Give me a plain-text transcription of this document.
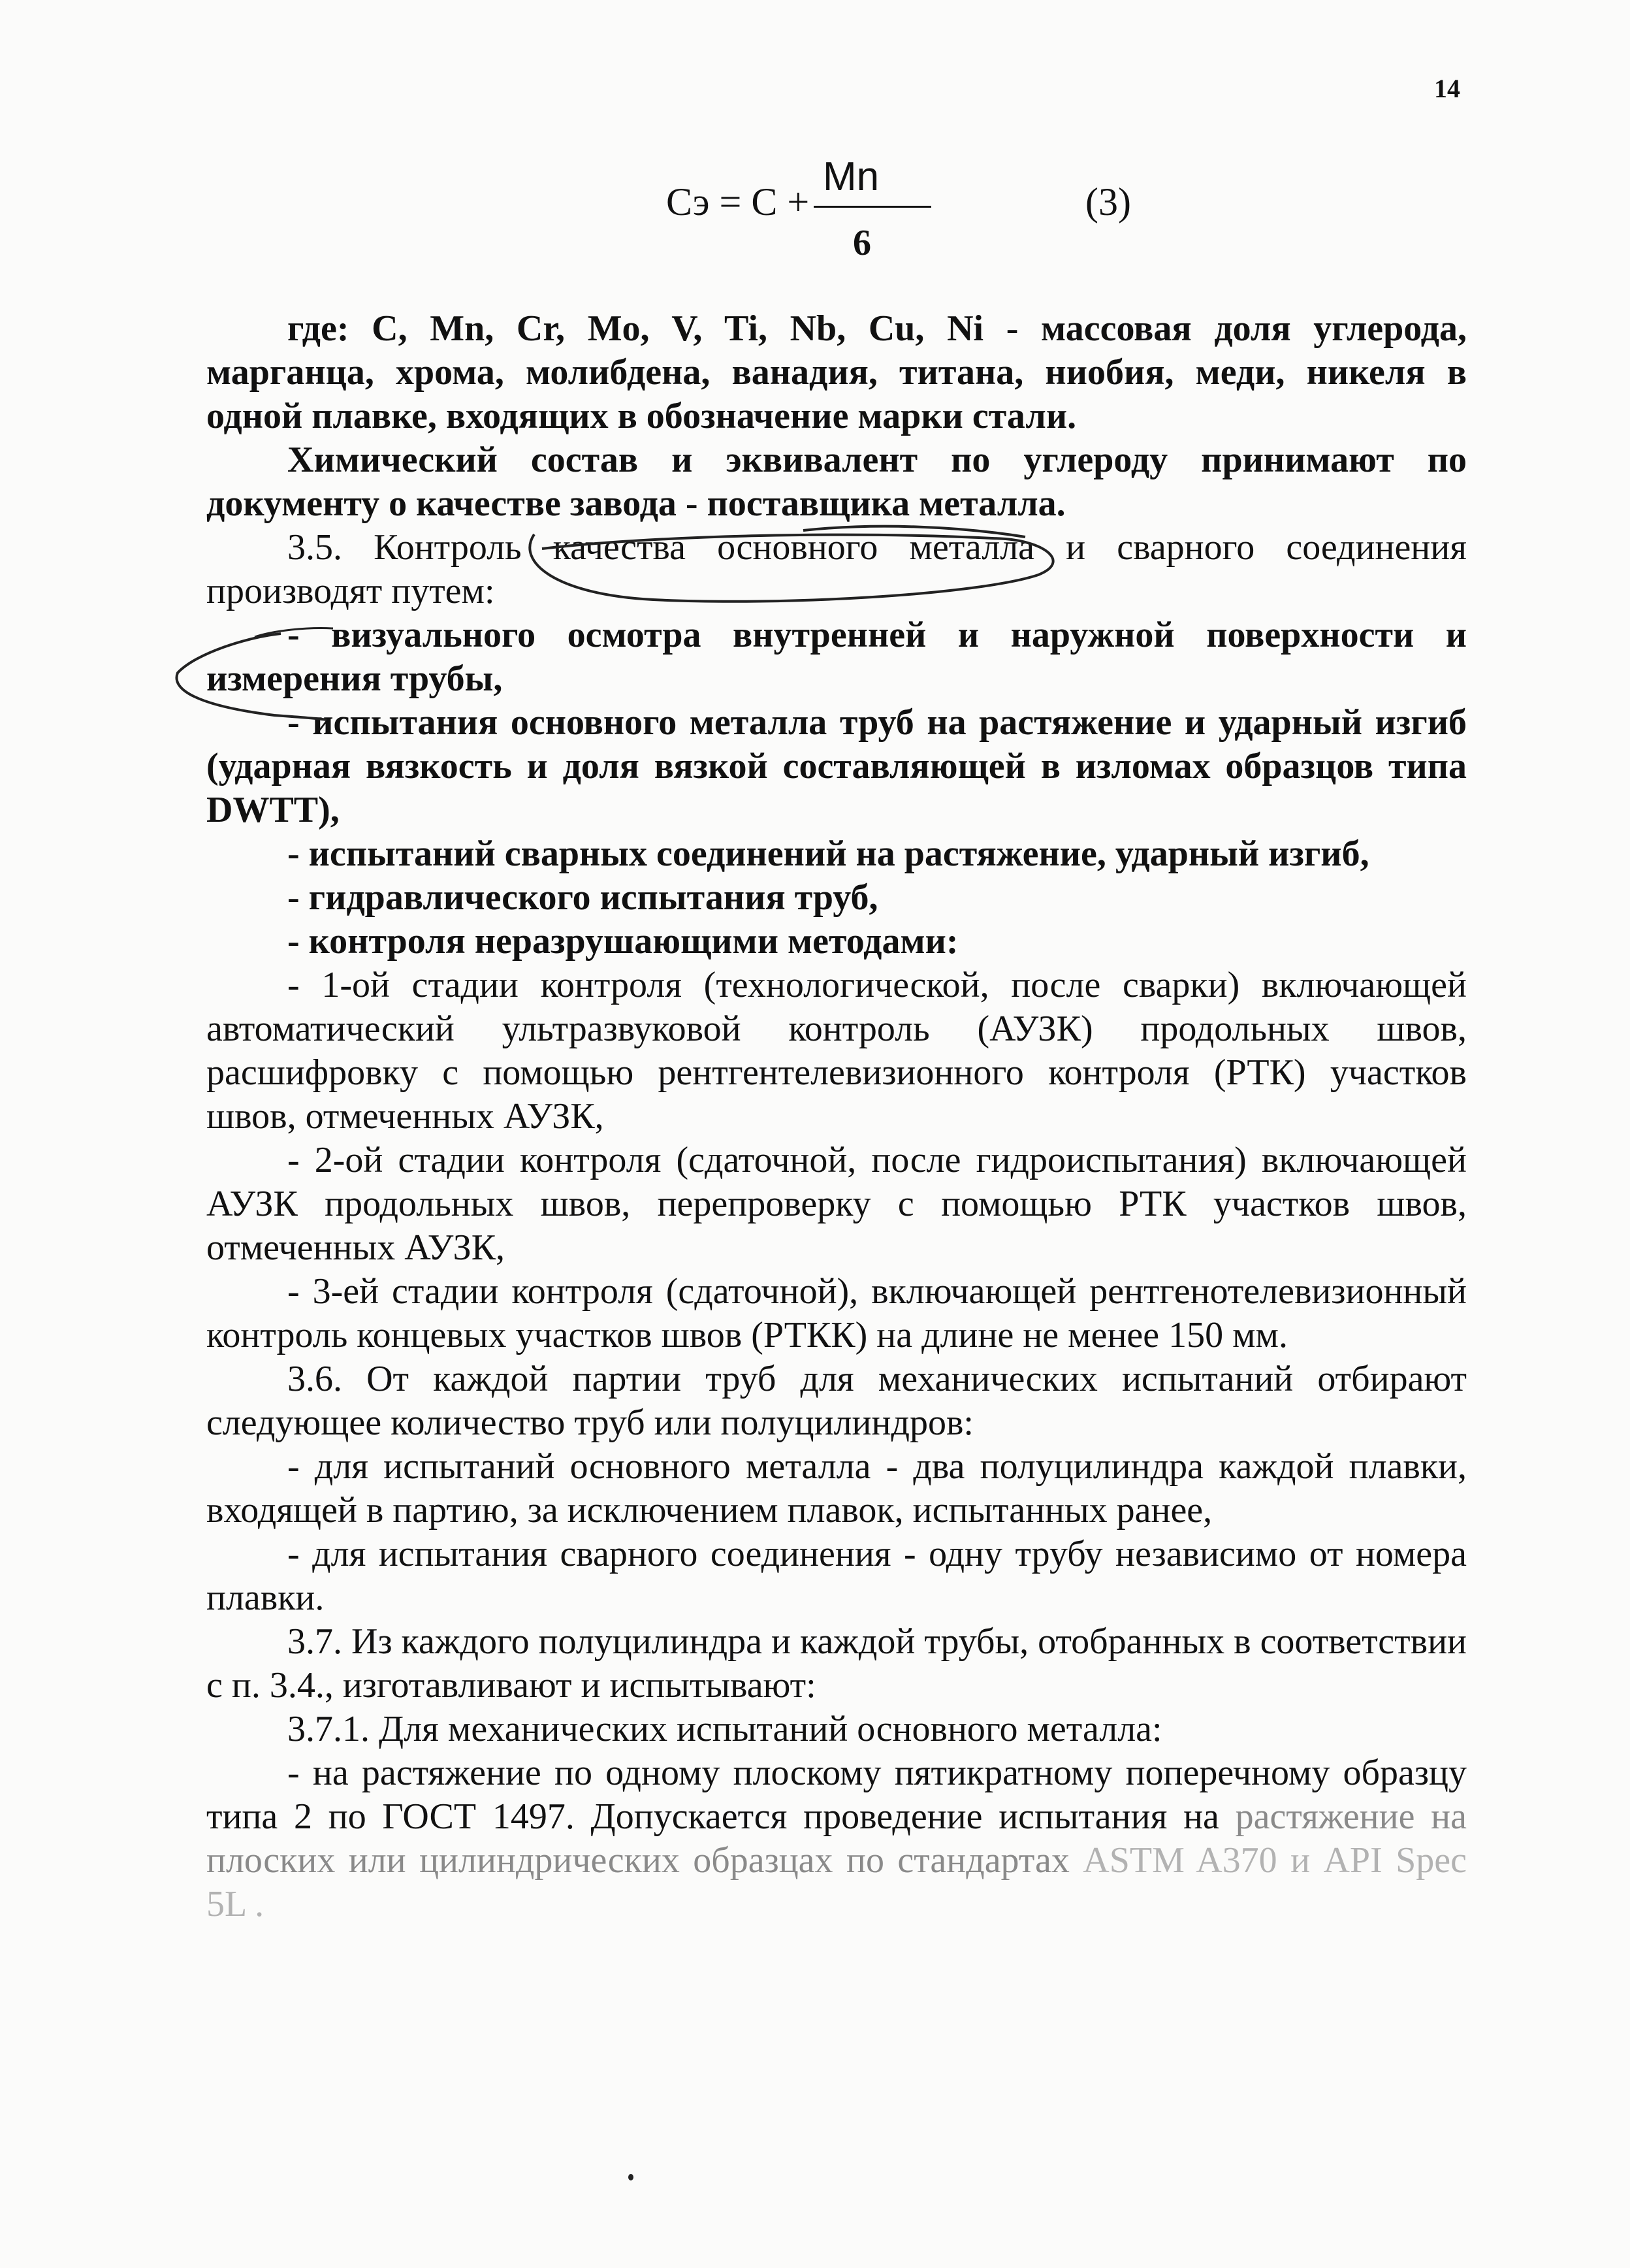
14
Сэ = С +
Mn
6
(3)

где: C, Mn, Cr, Mo, V, Ti, Nb, Cu, Ni - массовая доля углерода, марганца, хрома, молибдена, ванадия, титана, ниобия, меди, никеля в одной плавке, входящих в обозначение марки стали.

Химический состав и эквивалент по углероду принимают по документу о качестве завода - поставщика металла.

3.5. Контроль качества основного металла и сварного соединения производят путем:

- визуального осмотра внутренней и наружной поверхности и измерения трубы,

- испытания основного металла труб на растяжение и ударный изгиб (ударная вязкость и доля вязкой составляющей в изломах образцов типа DWTT),

- испытаний сварных соединений на растяжение, ударный изгиб,

- гидравлического испытания труб,

- контроля неразрушающими методами:

- 1-ой стадии контроля (технологической, после сварки) включающей автоматический ультразвуковой контроль (АУЗК) продольных швов, расшифровку с помощью рентгентелевизионного контроля (РТК) участков швов, отмеченных АУЗК,

- 2-ой стадии контроля (сдаточной, после гидроиспытания) включающей АУЗК продольных швов, перепроверку с помощью РТК участков швов, отмеченных АУЗК,

- 3-ей стадии контроля (сдаточной), включающей рентгенотелевизионный контроль концевых участков швов (РТКК) на длине не менее 150 мм.

3.6. От каждой партии труб для механических испытаний отбирают следующее количество труб или полуцилиндров:

- для испытаний основного металла - два полуцилиндра каждой плавки, входящей в партию, за исключением плавок, испытанных ранее,

- для испытания сварного соединения - одну трубу независимо от номера плавки.

3.7. Из каждого полуцилиндра и каждой трубы, отобранных в соответствии с п. 3.4., изготавливают и испытывают:

3.7.1. Для механических испытаний основного металла:

- на растяжение по одному плоскому пятикратному поперечному образцу типа 2 по ГОСТ 1497. Допускается проведение испытания на растяжение на плоских или цилиндрических образцах по стандартах ASTM A370 и API Spec 5L .
